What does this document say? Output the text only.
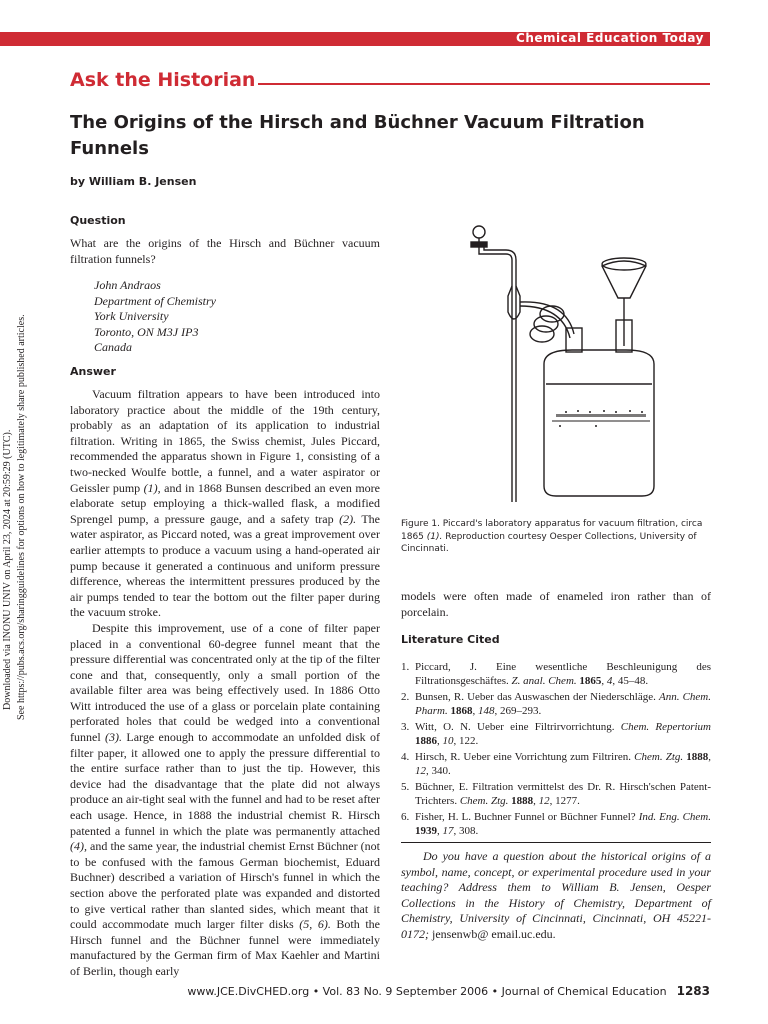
Chemical Education Today
Ask the Historian
The Origins of the Hirsch and Büchner Vacuum Filtration Funnels
by William B. Jensen
Downloaded via INONU UNIV on April 23, 2024 at 20:59:29 (UTC). See https://pubs.acs.org/sharingguidelines for options on how to legitimately share published articles.
Question
What are the origins of the Hirsch and Büchner vacuum filtration funnels?
John Andraos
Department of Chemistry
York University
Toronto, ON M3J IP3
Canada
Answer

Vacuum filtration appears to have been introduced into laboratory practice about the middle of the 19th century, probably as an adaptation of its application to industrial filtration. Writing in 1865, the Swiss chemist, Jules Piccard, recommended the apparatus shown in Figure 1, consisting of a two-necked Woulfe bottle, a funnel, and a water aspirator or Geissler pump (1), and in 1868 Bunsen described an even more elaborate setup employing a thick-walled flask, a modified Sprengel pump, a pressure gauge, and a safety trap (2). The water aspirator, as Piccard noted, was a great improvement over earlier attempts to produce a vacuum using a hand-operated air pump because it generated a continuous and uniform pressure difference, whereas the intermittent pressures produced by the air pumps tended to tear the bottom out the filter paper during the vacuum stroke.

Despite this improvement, use of a cone of filter paper placed in a conventional 60-degree funnel meant that the pressure differential was concentrated only at the tip of the filter cone and that, consequently, only a small portion of the available filter area was being effectively used. In 1886 Otto Witt introduced the use of a glass or porcelain plate containing perforated holes that could be wedged into a conventional funnel (3). Large enough to accommodate an unfolded disk of filter paper, it allowed one to apply the pressure differential to the entire surface rather than to just the tip. However, this device had the disadvantage that the plate did not always produce an air-tight seal with the funnel and had to be reset after each usage. Hence, in 1888 the industrial chemist R. Hirsch patented a funnel in which the plate was permanently attached (4), and the same year, the industrial chemist Ernst Büchner (not to be confused with the famous German biochemist, Eduard Buchner) described a variation of Hirsch's funnel in which the section above the perforated plate was expanded and distorted to give vertical rather than slanted sides, which meant that it could accommodate much larger filter disks (5, 6). Both the Hirsch funnel and the Büchner funnel were immediately manufactured by the German firm of Max Kaehler and Martini of Berlin, though early

Figure 1. Piccard's laboratory apparatus for vacuum filtration, circa 1865 (1). Reproduction courtesy Oesper Collections, University of Cincinnati.
models were often made of enameled iron rather than of porcelain.
Literature Cited
1. Piccard, J. Eine wesentliche Beschleunigung des Filtrationsgeschäftes. Z. anal. Chem. 1865, 4, 45–48.
2. Bunsen, R. Ueber das Auswaschen der Niederschläge. Ann. Chem. Pharm. 1868, 148, 269–293.
3. Witt, O. N. Ueber eine Filtrirvorrichtung. Chem. Repertorium 1886, 10, 122.
4. Hirsch, R. Ueber eine Vorrichtung zum Filtriren. Chem. Ztg. 1888, 12, 340.
5. Büchner, E. Filtration vermittelst des Dr. R. Hirsch'schen Patent-Trichters. Chem. Ztg. 1888, 12, 1277.
6. Fisher, H. L. Buchner Funnel or Büchner Funnel? Ind. Eng. Chem. 1939, 17, 308.
Do you have a question about the historical origins of a symbol, name, concept, or experimental procedure used in your teaching? Address them to William B. Jensen, Oesper Collections in the History of Chemistry, Department of Chemistry, University of Cincinnati, Cincinnati, OH 45221-0172; jensenwb@ email.uc.edu.
www.JCE.DivCHED.org • Vol. 83 No. 9 September 2006 • Journal of Chemical Education 1283
